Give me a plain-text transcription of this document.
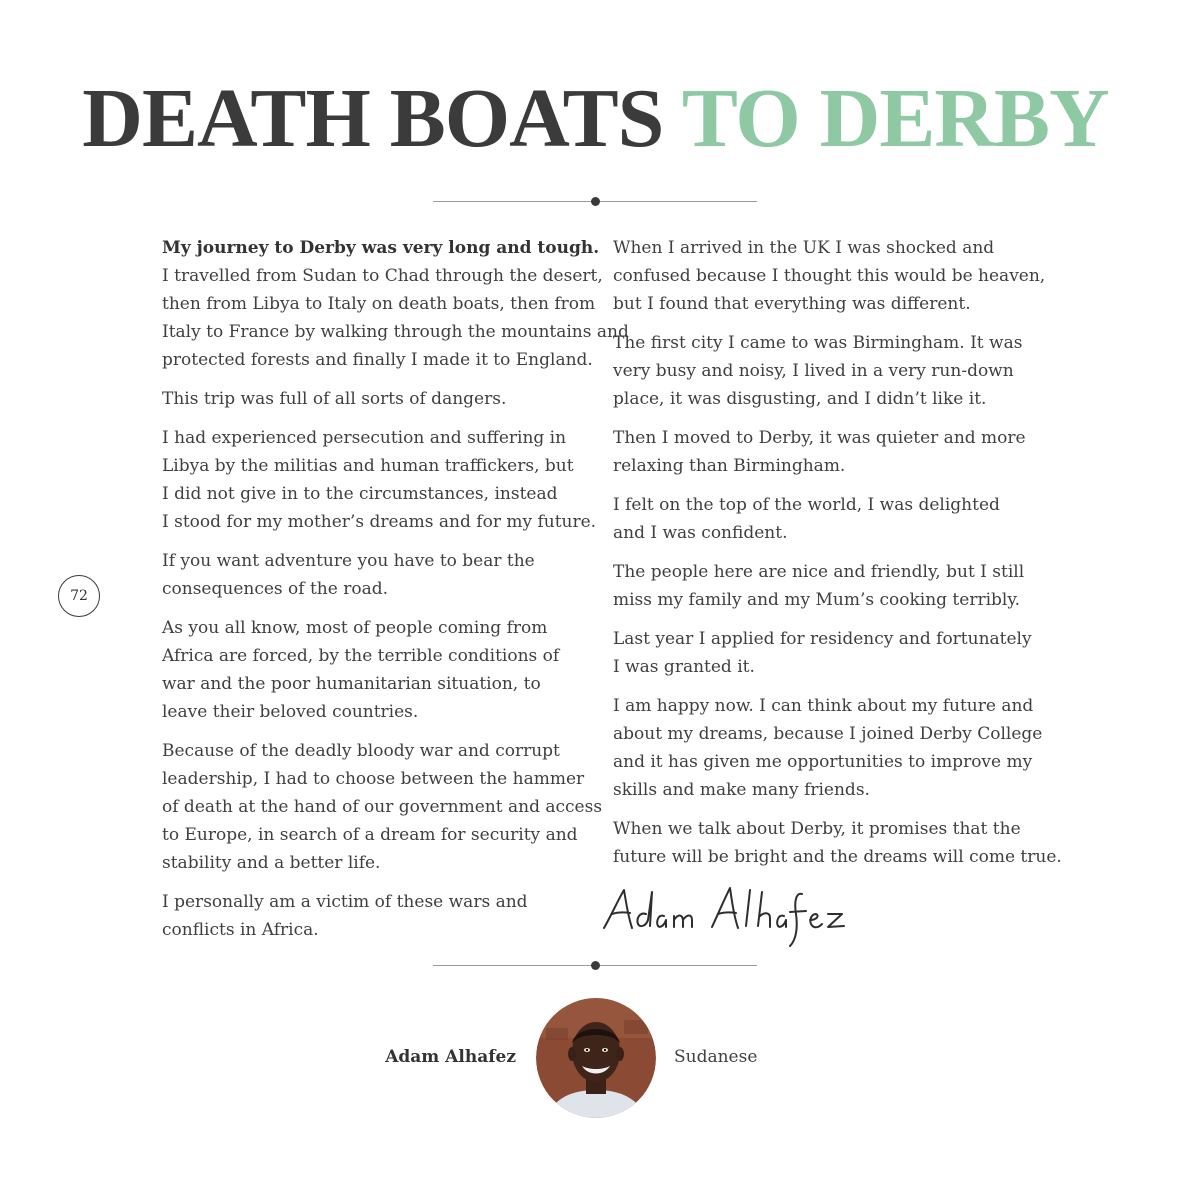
DEATH BOATS TO DERBY
72

My journey to Derby was very long and tough.
I travelled from Sudan to Chad through the desert,
then from Libya to Italy on death boats, then from
Italy to France by walking through the mountains and
protected forests and finally I made it to England.

This trip was full of all sorts of dangers.

I had experienced persecution and suffering in
Libya by the militias and human traffickers, but
I did not give in to the circumstances, instead
I stood for my mother’s dreams and for my future.

If you want adventure you have to bear the
consequences of the road.

As you all know, most of people coming from
Africa are forced, by the terrible conditions of
war and the poor humanitarian situation, to
leave their beloved countries.

Because of the deadly bloody war and corrupt
leadership, I had to choose between the hammer
of death at the hand of our government and access
to Europe, in search of a dream for security and
stability and a better life.

I personally am a victim of these wars and
conflicts in Africa.

When I arrived in the UK I was shocked and
confused because I thought this would be heaven,
but I found that everything was different.

The first city I came to was Birmingham. It was
very busy and noisy, I lived in a very run-down
place, it was disgusting, and I didn’t like it.

Then I moved to Derby, it was quieter and more
relaxing than Birmingham.

I felt on the top of the world, I was delighted
and I was confident.

The people here are nice and friendly, but I still
miss my family and my Mum’s cooking terribly.

Last year I applied for residency and fortunately
I was granted it.

I am happy now. I can think about my future and
about my dreams, because I joined Derby College
and it has given me opportunities to improve my
skills and make many friends.

When we talk about Derby, it promises that the
future will be bright and the dreams will come true.

Adam Alhafez	Sudanese
